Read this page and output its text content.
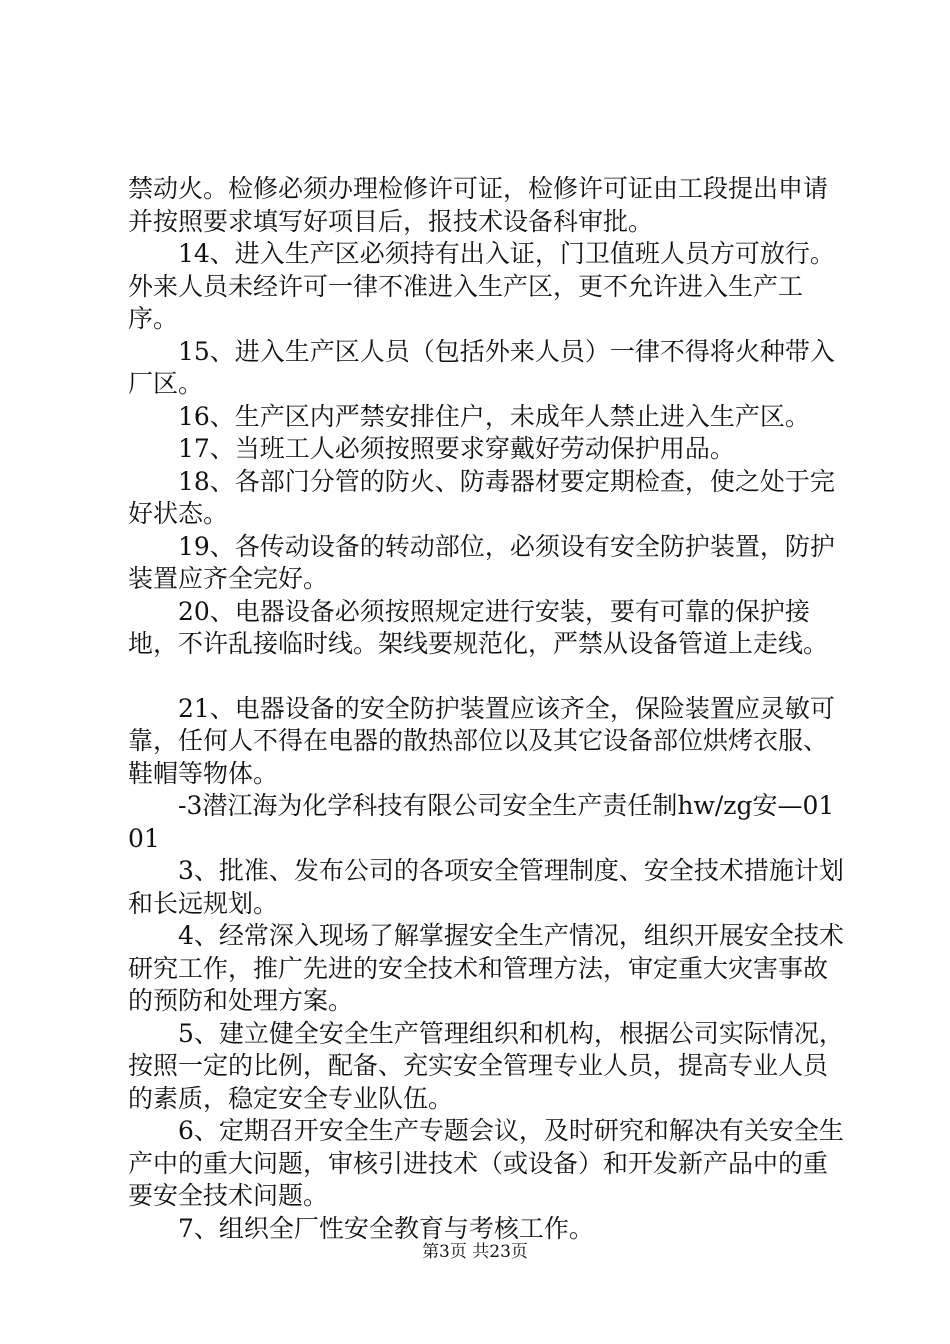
禁动火。检修必须办理检修许可证，检修许可证由工段提出申请并按照要求填写好项目后，报技术设备科审批。

14、进入生产区必须持有出入证，门卫值班人员方可放行。外来人员未经许可一律不准进入生产区，更不允许进入生产工序。

15、进入生产区人员（包括外来人员）一律不得将火种带入厂区。

16、生产区内严禁安排住户，未成年人禁止进入生产区。

17、当班工人必须按照要求穿戴好劳动保护用品。

18、各部门分管的防火、防毒器材要定期检查，使之处于完好状态。

19、各传动设备的转动部位，必须设有安全防护装置，防护装置应齐全完好。

20、电器设备必须按照规定进行安装，要有可靠的保护接地，不许乱接临时线。架线要规范化，严禁从设备管道上走线。

21、电器设备的安全防护装置应该齐全，保险装置应灵敏可靠，任何人不得在电器的散热部位以及其它设备部位烘烤衣服、鞋帽等物体。

-3潜江海为化学科技有限公司安全生产责任制hw/zg安—0101

3、批准、发布公司的各项安全管理制度、安全技术措施计划和长远规划。

4、经常深入现场了解掌握安全生产情况，组织开展安全技术研究工作，推广先进的安全技术和管理方法，审定重大灾害事故的预防和处理方案。

5、建立健全安全生产管理组织和机构，根据公司实际情况，按照一定的比例，配备、充实安全管理专业人员，提高专业人员的素质，稳定安全专业队伍。

6、定期召开安全生产专题会议，及时研究和解决有关安全生产中的重大问题，审核引进技术（或设备）和开发新产品中的重要安全技术问题。

7、组织全厂性安全教育与考核工作。

第3页 共23页
